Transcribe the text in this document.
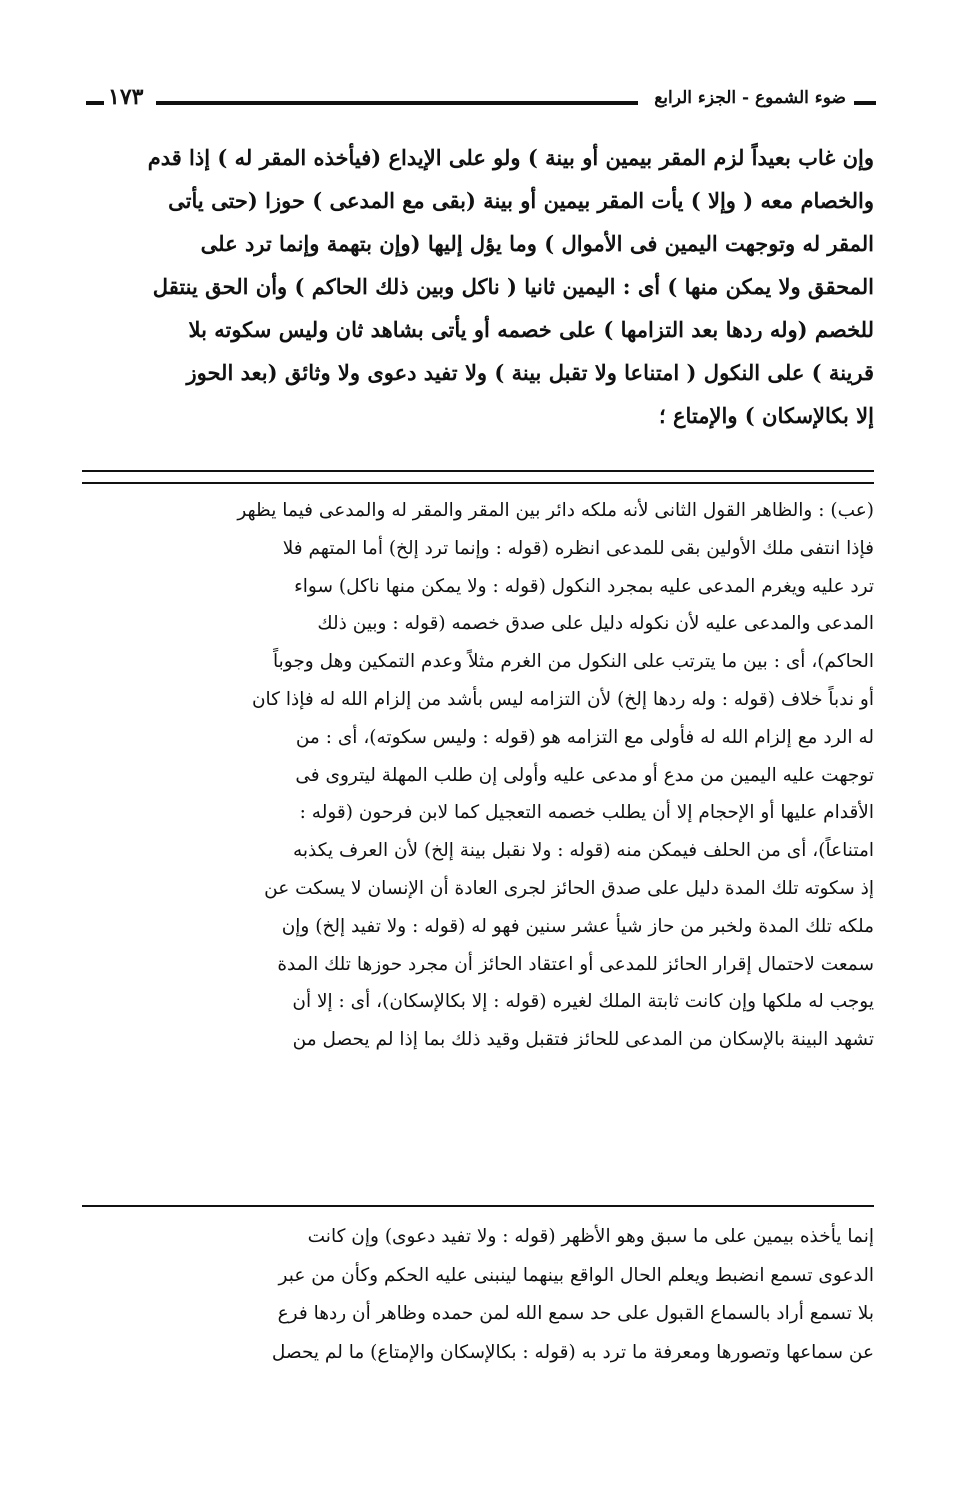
ضوء الشموع - الجزء الرابع
١٧٣
وإن غاب بعيداً لزم المقر بيمين أو بينة ) ولو على الإيداع (فيأخذه المقر له ) إذا قدم
والخصام معه ( وإلا ) يأت المقر بيمين أو بينة (بقى مع المدعى ) حوزا (حتى يأتى
المقر له وتوجهت اليمين فى الأموال ) وما يؤل إليها (وإن بتهمة وإنما ترد على
المحقق ولا يمكن منها ) أى : اليمين ثانيا ( ناكل وبين ذلك الحاكم ) وأن الحق ينتقل
للخصم (وله ردها بعد التزامها ) على خصمه أو يأتى بشاهد ثان وليس سكوته بلا
قرينة ) على النكول ( امتناعا ولا تقبل بينة ) ولا تفيد دعوى ولا وثائق (بعد الحوز
إلا بكالإسكان ) والإمتاع ؛
(عب) : والظاهر القول الثانى لأنه ملكه دائر بين المقر والمقر له والمدعى فيما يظهر
فإذا انتفى ملك الأولين بقى للمدعى انظره (قوله : وإنما ترد إلخ) أما المتهم فلا
ترد عليه ويغرم المدعى عليه بمجرد النكول (قوله : ولا يمكن منها ناكل) سواء
المدعى والمدعى عليه لأن نكوله دليل على صدق خصمه (قوله : وبين ذلك
الحاكم)، أى : بين ما يترتب على النكول من الغرم مثلاً وعدم التمكين وهل وجوباً
أو ندباً خلاف (قوله : وله ردها إلخ) لأن التزامه ليس بأشد من إلزام الله له فإذا كان
له الرد مع إلزام الله له فأولى مع التزامه هو (قوله : وليس سكوته)، أى : من
توجهت عليه اليمين من مدع أو مدعى عليه وأولى إن طلب المهلة ليتروى فى
الأقدام عليها أو الإحجام إلا أن يطلب خصمه التعجيل كما لابن فرحون (قوله :
امتناعاً)، أى من الحلف فيمكن منه (قوله : ولا نقبل بينة إلخ) لأن العرف يكذبه
إذ سكوته تلك المدة دليل على صدق الحائز لجرى العادة أن الإنسان لا يسكت عن
ملكه تلك المدة ولخبر من حاز شيأ عشر سنين فهو له (قوله : ولا تفيد إلخ) وإن
سمعت لاحتمال إقرار الحائز للمدعى أو اعتقاد الحائز أن مجرد حوزها تلك المدة
يوجب له ملكها وإن كانت ثابتة الملك لغيره (قوله : إلا بكالإسكان)، أى : إلا أن
تشهد البينة بالإسكان من المدعى للحائز فتقبل وقيد ذلك بما إذا لم يحصل من
إنما يأخذه بيمين على ما سبق وهو الأظهر (قوله : ولا تفيد دعوى) وإن كانت
الدعوى تسمع انضبط ويعلم الحال الواقع بينهما لينبنى عليه الحكم وكأن من عبر
بلا تسمع أراد بالسماع القبول على حد سمع الله لمن حمده وظاهر أن ردها فرع
عن سماعها وتصورها ومعرفة ما ترد به (قوله : بكالإسكان والإمتاع) ما لم يحصل
